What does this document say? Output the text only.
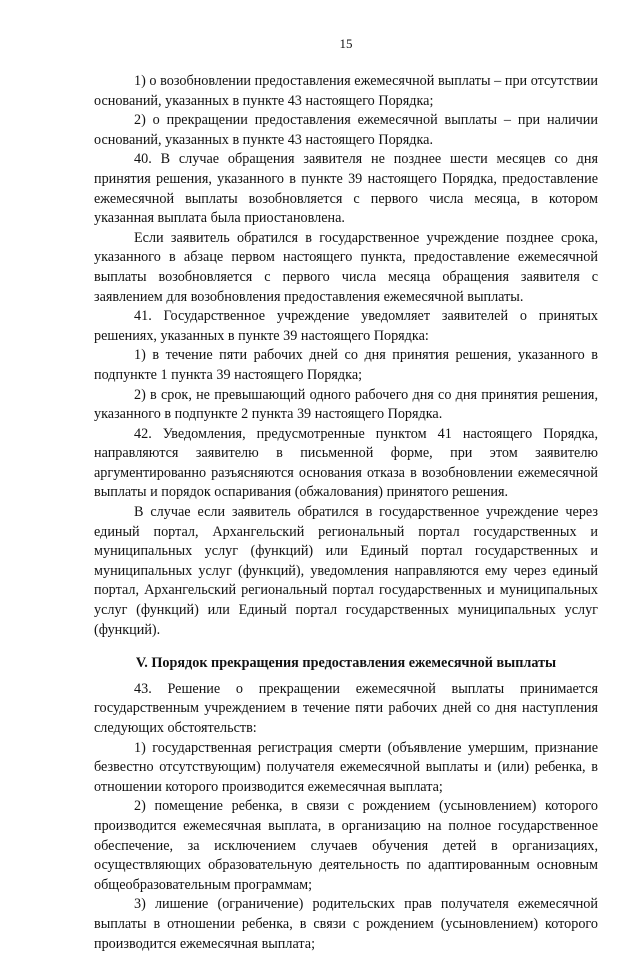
15

1) о возобновлении предоставления ежемесячной выплаты – при отсутствии оснований, указанных в пункте 43 настоящего Порядка;

2) о прекращении предоставления ежемесячной выплаты – при наличии оснований, указанных в пункте 43 настоящего Порядка.

40. В случае обращения заявителя не позднее шести месяцев со дня принятия решения, указанного в пункте 39 настоящего Порядка, предоставление ежемесячной выплаты возобновляется с первого числа месяца, в котором указанная выплата была приостановлена.

Если заявитель обратился в государственное учреждение позднее срока, указанного в абзаце первом настоящего пункта, предоставление ежемесячной выплаты возобновляется с первого числа месяца обращения заявителя с заявлением для возобновления предоставления ежемесячной выплаты.

41. Государственное учреждение уведомляет заявителей о принятых решениях, указанных в пункте 39 настоящего Порядка:

1) в течение пяти рабочих дней со дня принятия решения, указанного в подпункте 1 пункта 39 настоящего Порядка;

2) в срок, не превышающий одного рабочего дня со дня принятия решения, указанного в подпункте 2 пункта 39 настоящего Порядка.

42. Уведомления, предусмотренные пунктом 41 настоящего Порядка, направляются заявителю в письменной форме, при этом заявителю аргументированно разъясняются основания отказа в возобновлении ежемесячной выплаты и порядок оспаривания (обжалования) принятого решения.

В случае если заявитель обратился в государственное учреждение через единый портал, Архангельский региональный портал государственных и муниципальных услуг (функций) или Единый портал государственных и муниципальных услуг (функций), уведомления направляются ему через единый портал, Архангельский региональный портал государственных и муниципальных услуг (функций) или Единый портал государственных муниципальных услуг (функций).

V. Порядок прекращения предоставления ежемесячной выплаты

43. Решение о прекращении ежемесячной выплаты принимается государственным учреждением в течение пяти рабочих дней со дня наступления следующих обстоятельств:

1) государственная регистрация смерти (объявление умершим, признание безвестно отсутствующим) получателя ежемесячной выплаты и (или) ребенка, в отношении которого производится ежемесячная выплата;

2) помещение ребенка, в связи с рождением (усыновлением) которого производится ежемесячная выплата, в организацию на полное государственное обеспечение, за исключением случаев обучения детей в организациях, осуществляющих образовательную деятельность по адаптированным основным общеобразовательным программам;

3) лишение (ограничение) родительских прав получателя ежемесячной выплаты в отношении ребенка, в связи с рождением (усыновлением) которого производится ежемесячная выплата;
